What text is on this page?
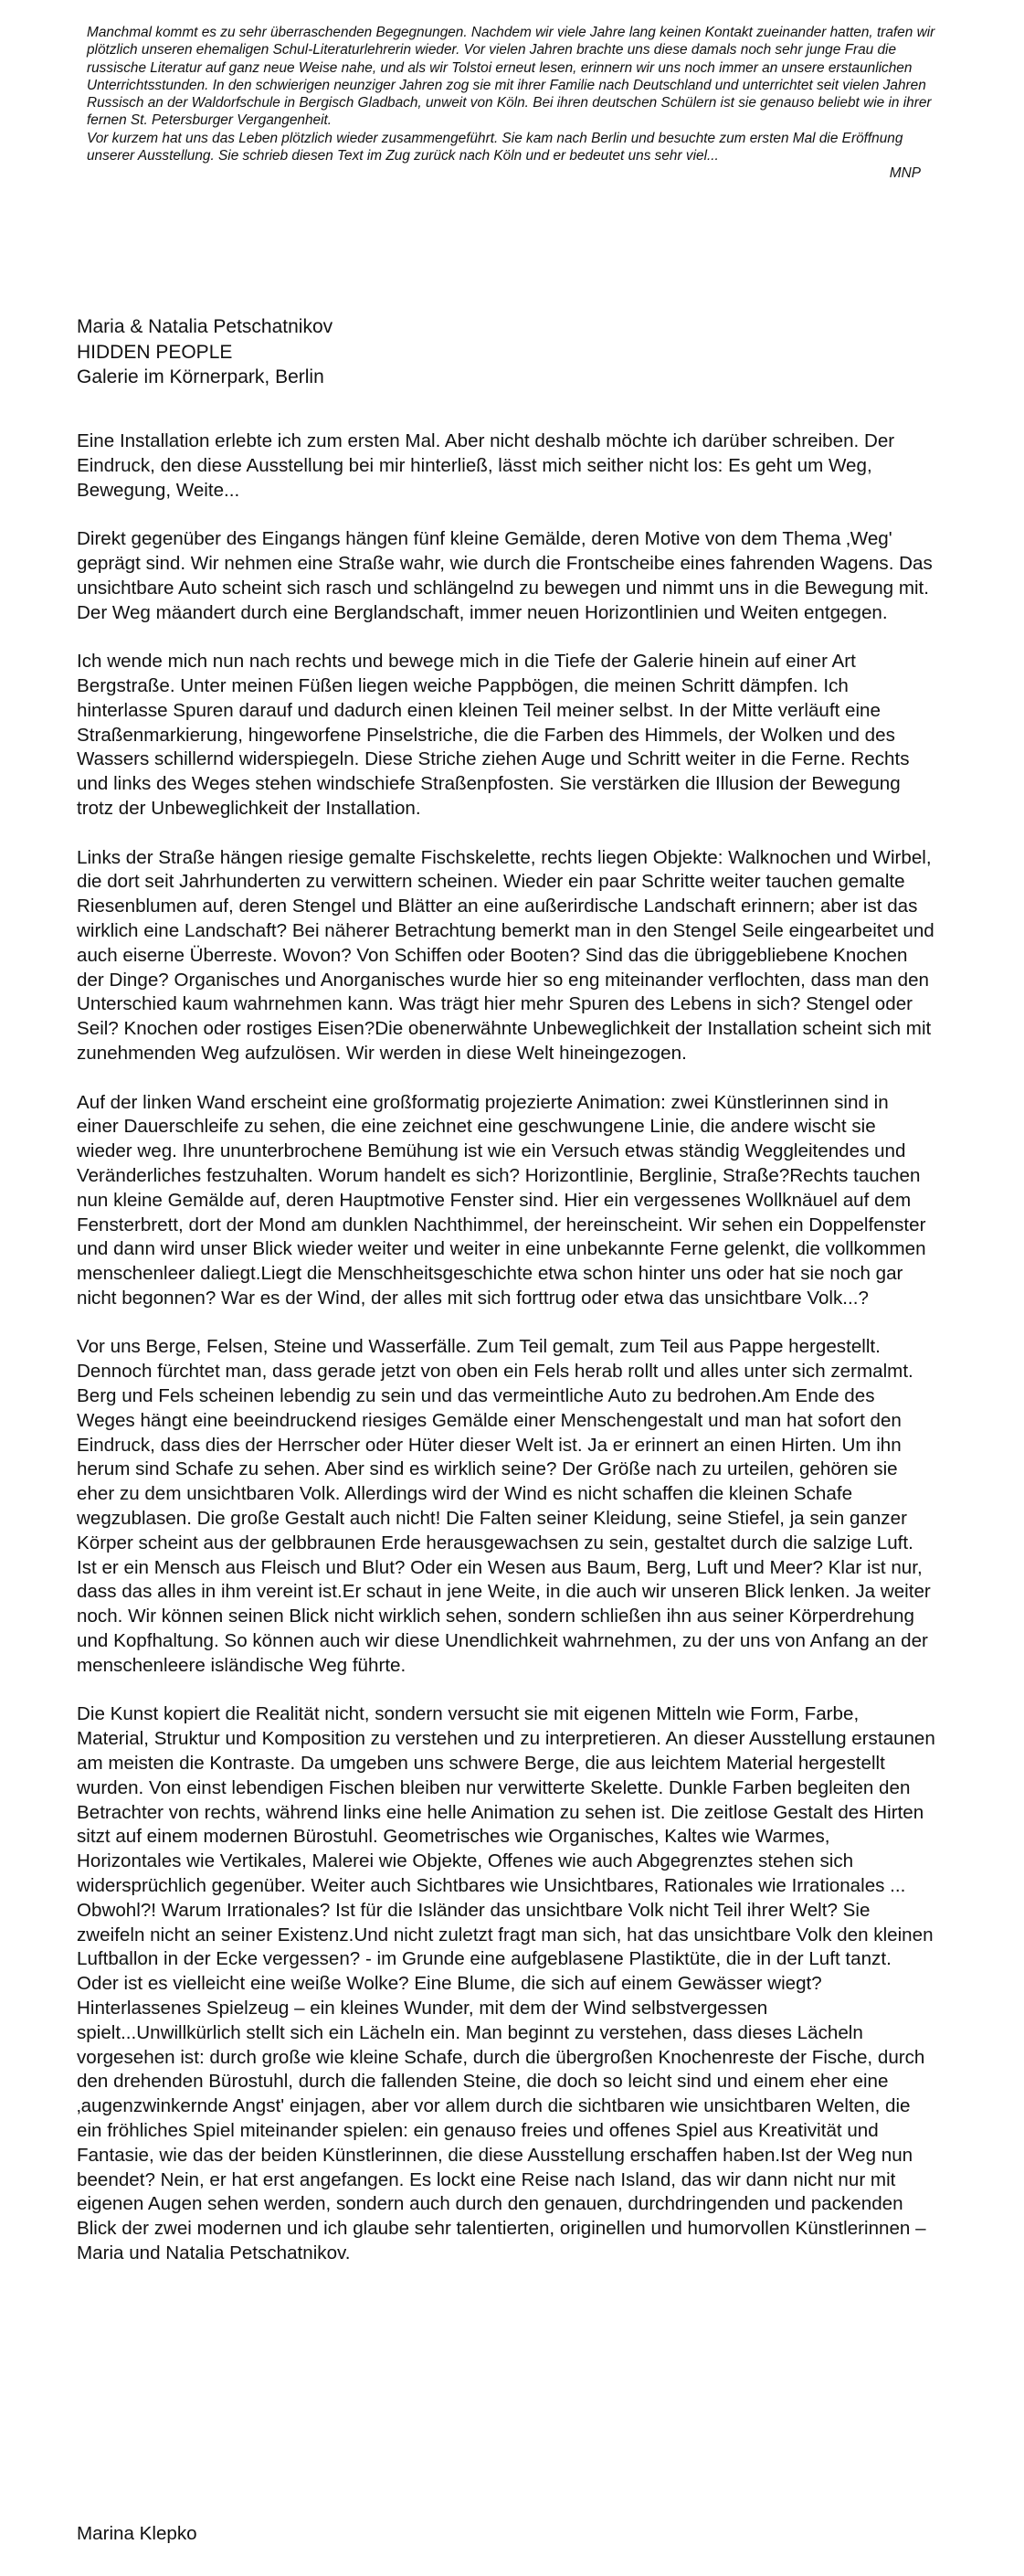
Manchmal kommt es zu sehr überraschenden Begegnungen. Nachdem wir viele Jahre lang keinen Kontakt zueinander hatten, trafen wir plötzlich unseren ehemaligen Schul-Literaturlehrerin wieder. Vor vielen Jahren brachte uns diese damals noch sehr junge Frau die russische Literatur auf ganz neue Weise nahe, und als wir Tolstoi erneut lesen, erinnern wir uns noch immer an unsere erstaunlichen Unterrichtsstunden. In den schwierigen neunziger Jahren zog sie mit ihrer Familie nach Deutschland und unterrichtet seit vielen Jahren Russisch an der Waldorfschule in Bergisch Gladbach, unweit von Köln. Bei ihren deutschen Schülern ist sie genauso beliebt wie in ihrer fernen St. Petersburger Vergangenheit.

Vor kurzem hat uns das Leben plötzlich wieder zusammengeführt. Sie kam nach Berlin und besuchte zum ersten Mal die Eröffnung unserer Ausstellung. Sie schrieb diesen Text im Zug zurück nach Köln und er bedeutet uns sehr viel...

MNP

Maria & Natalia Petschatnikov
HIDDEN PEOPLE
Galerie im Körnerpark, Berlin

Eine Installation erlebte ich zum ersten Mal. Aber nicht deshalb möchte ich darüber schreiben. Der Eindruck, den diese Ausstellung bei mir hinterließ, lässt mich seither nicht los: Es geht um Weg, Bewegung, Weite...

Direkt gegenüber des Eingangs hängen fünf kleine Gemälde, deren Motive von dem Thema ‚Weg' geprägt sind. Wir nehmen eine Straße wahr, wie durch die Frontscheibe eines fahrenden Wagens. Das unsichtbare Auto scheint sich rasch und schlängelnd zu bewegen und nimmt uns in die Bewegung mit. Der Weg mäandert durch eine Berglandschaft, immer neuen Horizontlinien und Weiten entgegen.

Ich wende mich nun nach rechts und bewege mich in die Tiefe der Galerie hinein auf einer Art Bergstraße. Unter meinen Füßen liegen weiche Pappbögen, die meinen Schritt dämpfen. Ich hinterlasse Spuren darauf und dadurch einen kleinen Teil meiner selbst. In der Mitte verläuft eine Straßenmarkierung, hingeworfene Pinselstriche, die die Farben des Himmels, der Wolken und des Wassers schillernd widerspiegeln. Diese Striche ziehen Auge und Schritt weiter in die Ferne. Rechts und links des Weges stehen windschiefe Straßenpfosten. Sie verstärken die Illusion der Bewegung trotz der Unbeweglichkeit der Installation.

Links der Straße hängen riesige gemalte Fischskelette, rechts liegen Objekte: Walknochen und Wirbel, die dort seit Jahrhunderten zu verwittern scheinen. Wieder ein paar Schritte weiter tauchen gemalte Riesenblumen auf, deren Stengel und Blätter an eine außerirdische Landschaft erinnern; aber ist das wirklich eine Landschaft? Bei näherer Betrachtung bemerkt man in den Stengel Seile eingearbeitet und auch eiserne Überreste. Wovon? Von Schiffen oder Booten? Sind das die übriggebliebene Knochen der Dinge? Organisches und Anorganisches wurde hier so eng miteinander verflochten, dass man den Unterschied kaum wahrnehmen kann. Was trägt hier mehr Spuren des Lebens in sich? Stengel oder Seil? Knochen oder rostiges Eisen?Die obenerwähnte Unbeweglichkeit der Installation scheint sich mit zunehmenden Weg aufzulösen. Wir werden in diese Welt hineingezogen.

Auf der linken Wand erscheint eine großformatig projezierte Animation: zwei Künstlerinnen sind in einer Dauerschleife zu sehen, die eine zeichnet eine geschwungene Linie, die andere wischt sie wieder weg. Ihre ununterbrochene Bemühung ist wie ein Versuch etwas ständig Weggleitendes und Veränderliches festzuhalten. Worum handelt es sich? Horizontlinie, Berglinie, Straße?Rechts tauchen nun kleine Gemälde auf, deren Hauptmotive Fenster sind. Hier ein vergessenes Wollknäuel auf dem Fensterbrett, dort der Mond am dunklen Nachthimmel, der hereinscheint. Wir sehen ein Doppelfenster und dann wird unser Blick wieder weiter und weiter in eine unbekannte Ferne gelenkt, die vollkommen menschenleer daliegt.Liegt die Menschheitsgeschichte etwa schon hinter uns oder hat sie noch gar nicht begonnen? War es der Wind, der alles mit sich forttrug oder etwa das unsichtbare Volk...?

Vor uns Berge, Felsen, Steine und Wasserfälle. Zum Teil gemalt, zum Teil aus Pappe hergestellt. Dennoch fürchtet man, dass gerade jetzt von oben ein Fels herab rollt und alles unter sich zermalmt. Berg und Fels scheinen lebendig zu sein und das vermeintliche Auto zu bedrohen.Am Ende des Weges hängt eine beeindruckend riesiges Gemälde einer Menschengestalt und man hat sofort den Eindruck, dass dies der Herrscher oder Hüter dieser Welt ist. Ja er erinnert an einen Hirten. Um ihn herum sind Schafe zu sehen. Aber sind es wirklich seine? Der Größe nach zu urteilen, gehören sie eher zu dem unsichtbaren Volk. Allerdings wird der Wind es nicht schaffen die kleinen Schafe wegzublasen. Die große Gestalt auch nicht! Die Falten seiner Kleidung, seine Stiefel, ja sein ganzer Körper scheint aus der gelbbraunen Erde herausgewachsen zu sein, gestaltet durch die salzige Luft. Ist er ein Mensch aus Fleisch und Blut? Oder ein Wesen aus Baum, Berg, Luft und Meer? Klar ist nur, dass das alles in ihm vereint ist.Er schaut in jene Weite, in die auch wir unseren Blick lenken. Ja weiter noch. Wir können seinen Blick nicht wirklich sehen, sondern schließen ihn aus seiner Körperdrehung und Kopfhaltung. So können auch wir diese Unendlichkeit wahrnehmen, zu der uns von Anfang an der menschenleere isländische Weg führte.

Die Kunst kopiert die Realität nicht, sondern versucht sie mit eigenen Mitteln wie Form, Farbe, Material, Struktur und Komposition zu verstehen und zu interpretieren. An dieser Ausstellung erstaunen am meisten die Kontraste. Da umgeben uns schwere Berge, die aus leichtem Material hergestellt wurden. Von einst lebendigen Fischen bleiben nur verwitterte Skelette. Dunkle Farben begleiten den Betrachter von rechts, während links eine helle Animation zu sehen ist. Die zeitlose Gestalt des Hirten sitzt auf einem modernen Bürostuhl. Geometrisches wie Organisches, Kaltes wie Warmes, Horizontales wie Vertikales, Malerei wie Objekte, Offenes wie auch Abgegrenztes stehen sich widersprüchlich gegenüber. Weiter auch Sichtbares wie Unsichtbares, Rationales wie Irrationales ... Obwohl?! Warum Irrationales? Ist für die Isländer das unsichtbare Volk nicht Teil ihrer Welt? Sie zweifeln nicht an seiner Existenz.Und nicht zuletzt fragt man sich, hat das unsichtbare Volk den kleinen Luftballon in der Ecke vergessen? - im Grunde eine aufgeblasene Plastiktüte, die in der Luft tanzt. Oder ist es vielleicht eine weiße Wolke? Eine Blume, die sich auf einem Gewässer wiegt? Hinterlassenes Spielzeug – ein kleines Wunder, mit dem der Wind selbstvergessen spielt...Unwillkürlich stellt sich ein Lächeln ein. Man beginnt zu verstehen, dass dieses Lächeln vorgesehen ist: durch große wie kleine Schafe, durch die übergroßen Knochenreste der Fische, durch den drehenden Bürostuhl, durch die fallenden Steine, die doch so leicht sind und einem eher eine ‚augenzwinkernde Angst' einjagen, aber vor allem durch die sichtbaren wie unsichtbaren Welten, die ein fröhliches Spiel miteinander spielen: ein genauso freies und offenes Spiel aus Kreativität und Fantasie, wie das der beiden Künstlerinnen, die diese Ausstellung erschaffen haben.Ist der Weg nun beendet? Nein, er hat erst angefangen. Es lockt eine Reise nach Island, das wir dann nicht nur mit eigenen Augen sehen werden, sondern auch durch den genauen, durchdringenden und packenden Blick der zwei modernen und ich glaube sehr talentierten, originellen und humorvollen Künstlerinnen – Maria und Natalia Petschatnikov.

Marina Klepko
